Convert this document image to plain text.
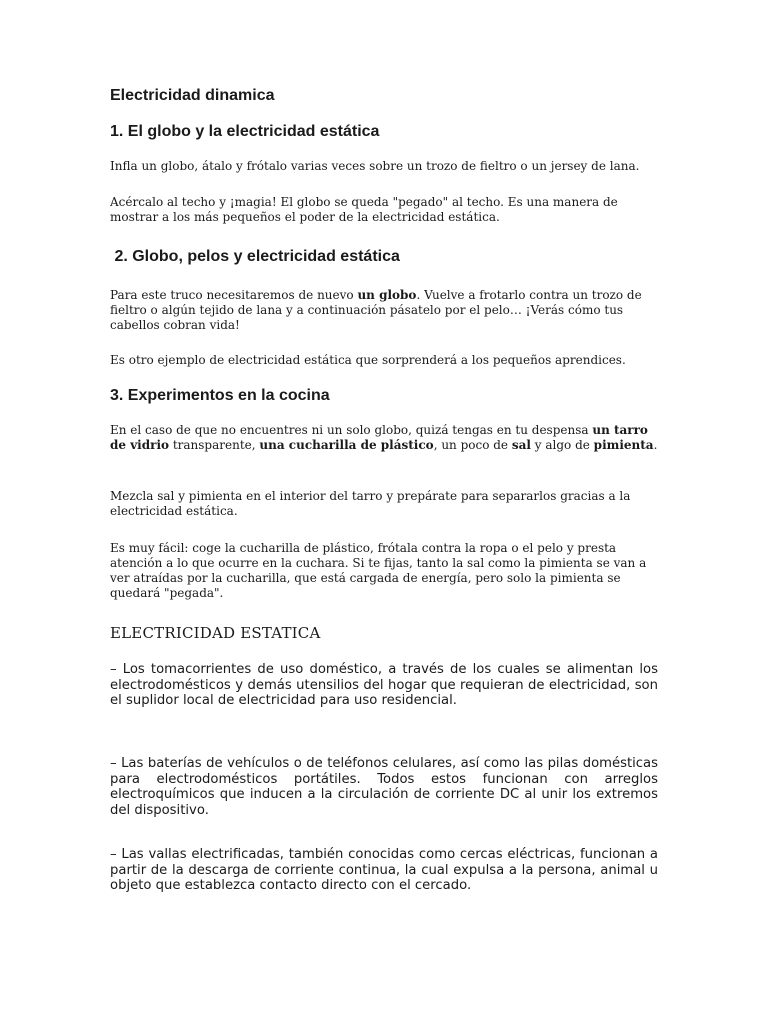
Electricidad dinamica
1. El globo y la electricidad estática

Infla un globo, átalo y frótalo varias veces sobre un trozo de fieltro o un jersey de lana.

Acércalo al techo y ¡magia! El globo se queda "pegado" al techo. Es una manera de mostrar a los más pequeños el poder de la electricidad estática.

2. Globo, pelos y electricidad estática

Para este truco necesitaremos de nuevo un globo. Vuelve a frotarlo contra un trozo de fieltro o algún tejido de lana y a continuación pásatelo por el pelo… ¡Verás cómo tus cabellos cobran vida!

Es otro ejemplo de electricidad estática que sorprenderá a los pequeños aprendices.

3. Experimentos en la cocina

En el caso de que no encuentres ni un solo globo, quizá tengas en tu despensa un tarro de vidrio transparente, una cucharilla de plástico, un poco de sal y algo de pimienta.

Mezcla sal y pimienta en el interior del tarro y prepárate para separarlos gracias a la electricidad estática.

Es muy fácil: coge la cucharilla de plástico, frótala contra la ropa o el pelo y presta atención a lo que ocurre en la cuchara. Si te fijas, tanto la sal como la pimienta se van a ver atraídas por la cucharilla, que está cargada de energía, pero solo la pimienta se quedará "pegada".

ELECTRICIDAD ESTATICA

– Los tomacorrientes de uso doméstico, a través de los cuales se alimentan los electrodomésticos y demás utensilios del hogar que requieran de electricidad, son el suplidor local de electricidad para uso residencial.

– Las baterías de vehículos o de teléfonos celulares, así como las pilas domésticas para electrodomésticos portátiles. Todos estos funcionan con arreglos electroquímicos que inducen a la circulación de corriente DC al unir los extremos del dispositivo.

– Las vallas electrificadas, también conocidas como cercas eléctricas, funcionan a partir de la descarga de corriente continua, la cual expulsa a la persona, animal u objeto que establezca contacto directo con el cercado.
